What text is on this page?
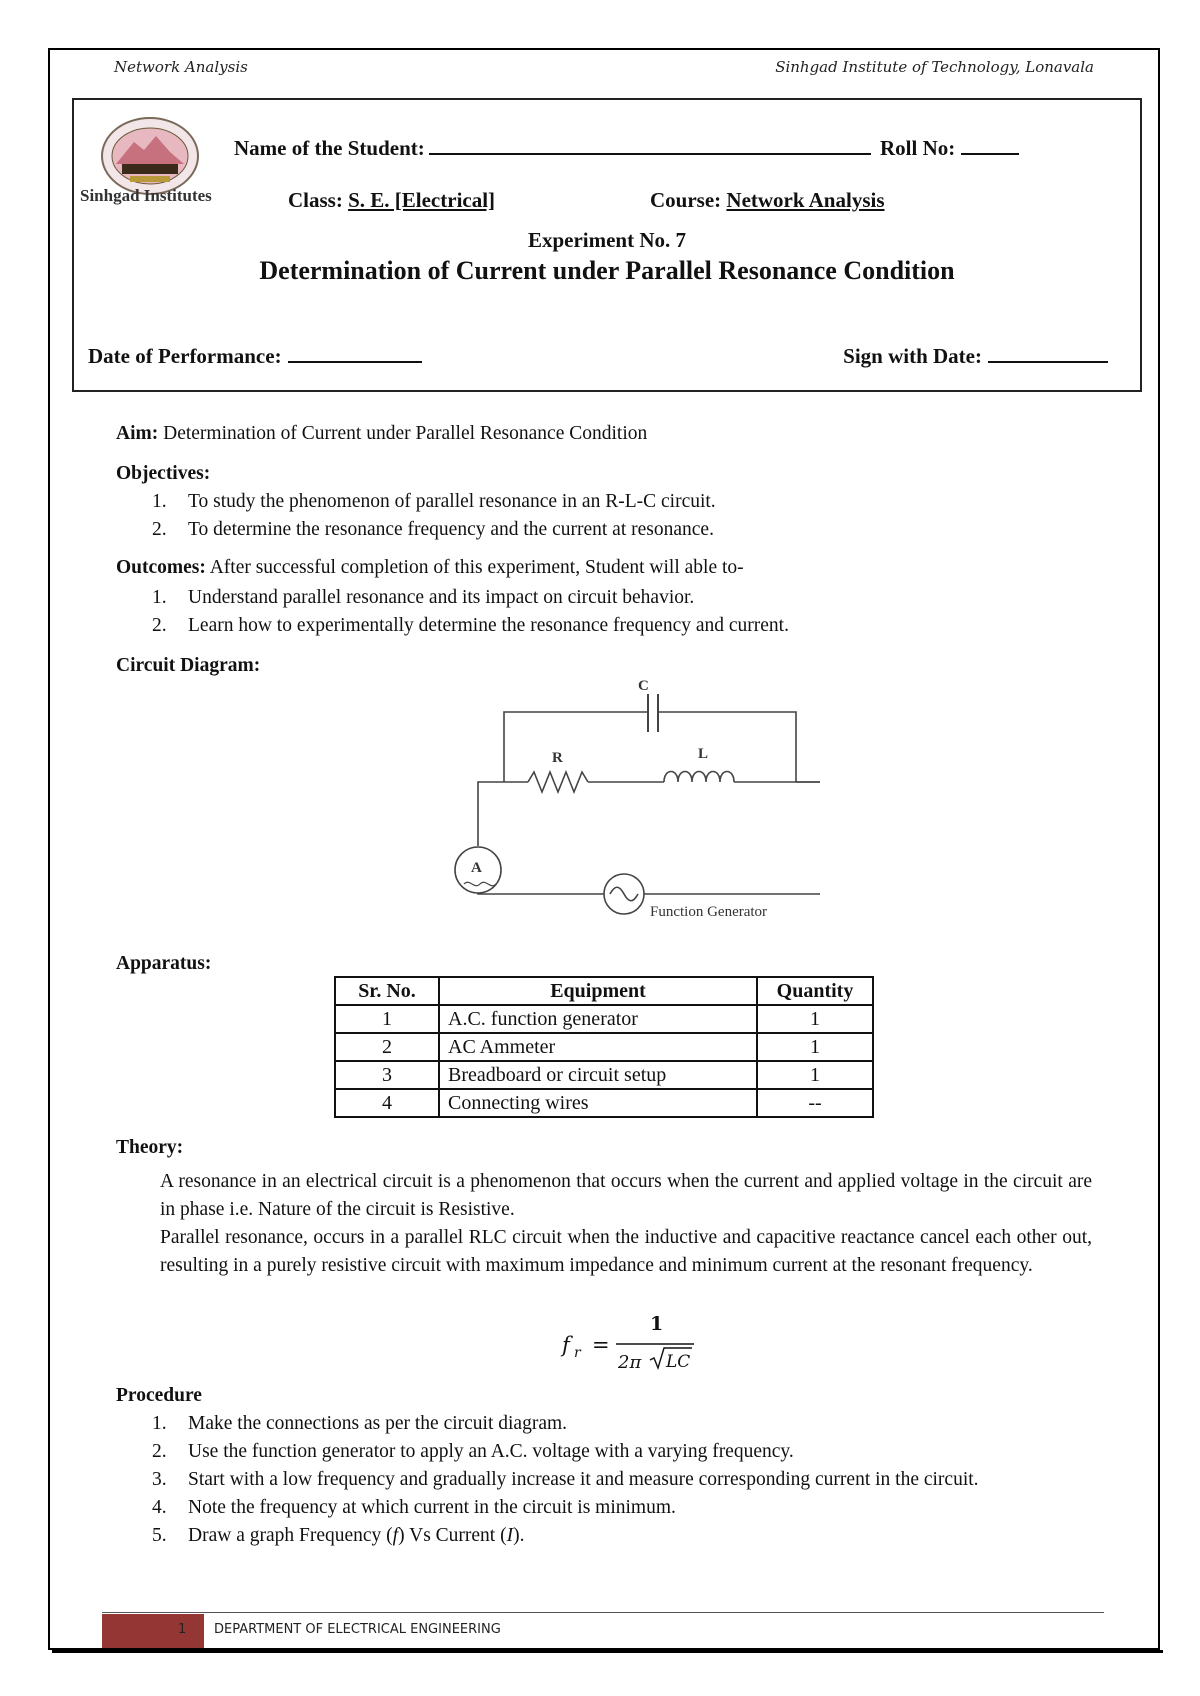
Network Analysis	Sinhgad Institute of Technology, Lonavala
Sinhgad Institutes
Name of the Student:	Roll No:
Class: S. E. [Electrical]	Course: Network Analysis
Experiment No. 7
Determination of Current under Parallel Resonance Condition
Date of Performance:	Sign with Date:
Aim: Determination of Current under Parallel Resonance Condition
Objectives:
1.	To study the phenomenon of parallel resonance in an R-L-C circuit.
2.	To determine the resonance frequency and the current at resonance.
Outcomes: After successful completion of this experiment, Student will able to-
1.	Understand parallel resonance and its impact on circuit behavior.
2.	Learn how to experimentally determine the resonance frequency and current.
Circuit Diagram:
C
R	L
A
Function Generator
Apparatus:
Sr. No.	Equipment	Quantity
1	A.C. function generator	1
2	AC Ammeter	1
3	Breadboard or circuit setup	1
4	Connecting wires	--
Theory:
A resonance in an electrical circuit is a phenomenon that occurs when the current and applied voltage in the circuit are in phase i.e. Nature of the circuit is Resistive.
Parallel resonance, occurs in a parallel RLC circuit when the inductive and capacitive reactance cancel each other out, resulting in a purely resistive circuit with maximum impedance and minimum current at the resonant frequency.
f r =
1
2π LC
Procedure
1.	Make the connections as per the circuit diagram.
2.	Use the function generator to apply an A.C. voltage with a varying frequency.
3.	Start with a low frequency and gradually increase it and measure corresponding current in the circuit.
4.	Note the frequency at which current in the circuit is minimum.
5.	Draw a graph Frequency (f) Vs Current (I).
1 DEPARTMENT OF ELECTRICAL ENGINEERING
